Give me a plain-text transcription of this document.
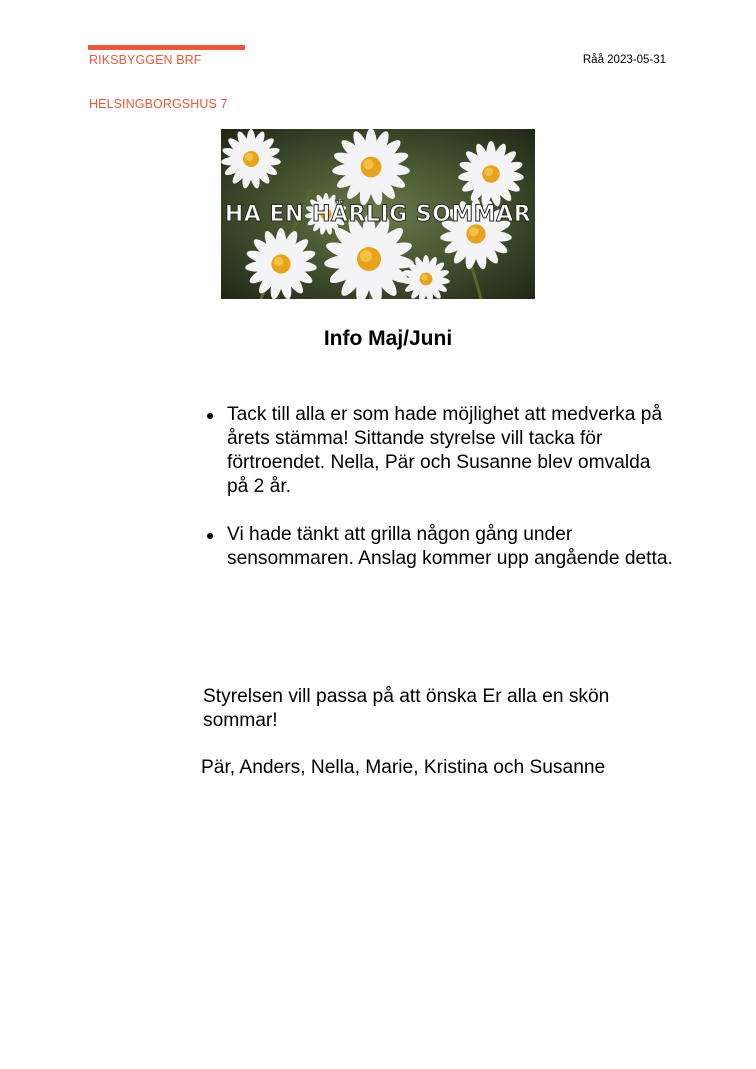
RIKSBYGGEN BRF
HELSINGBORGSHUS 7
Råå 2023-05-31
HA EN HÄRLIG SOMMAR
Info Maj/Juni
Tack till alla er som hade möjlighet att medverka på årets stämma! Sittande styrelse vill tacka för förtroendet. Nella, Pär och Susanne blev omvalda på 2 år.
Vi hade tänkt att grilla någon gång under sensommaren. Anslag kommer upp angående detta.
Styrelsen vill passa på att önska Er alla en skön sommar!
Pär, Anders, Nella, Marie, Kristina och Susanne
